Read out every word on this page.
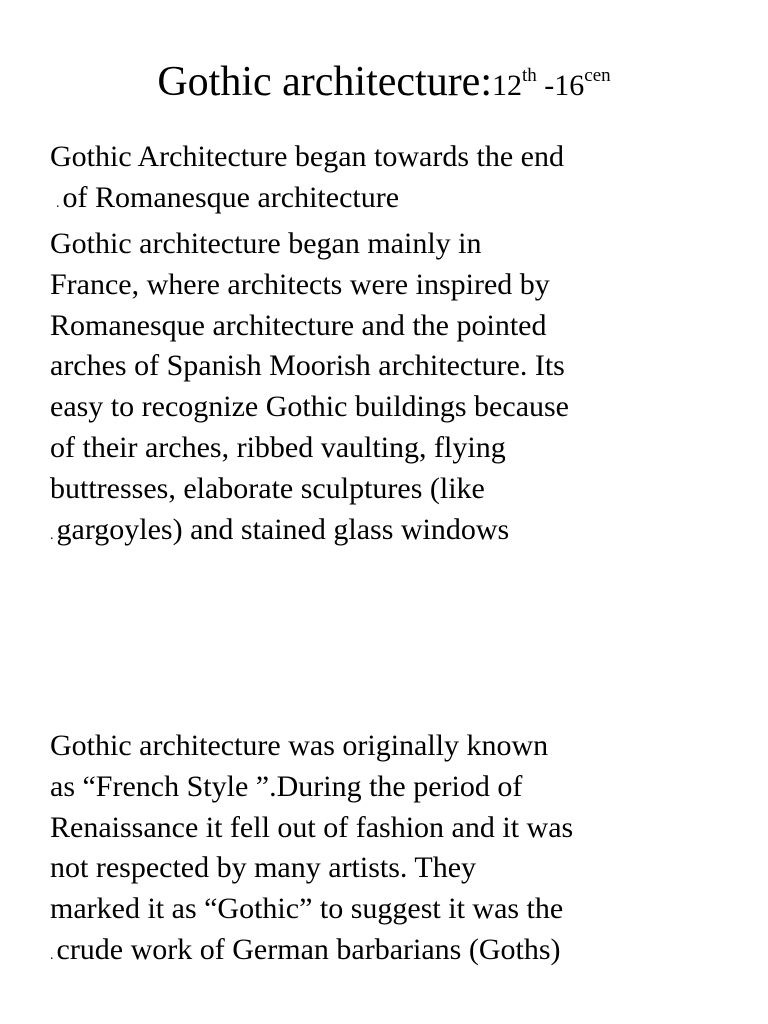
Gothic architecture:12th $-16^{cen}$
Gothic Architecture began towards the end
. of Romanesque architecture
Gothic architecture began mainly in
France, where architects were inspired by
Romanesque architecture and the pointed
arches of Spanish Moorish architecture. Its
easy to recognize Gothic buildings because
of their arches, ribbed vaulting, flying
buttresses, elaborate sculptures (like
. gargoyles) and stained glass windows
Gothic architecture was originally known
as “French Style ”.During the period of
Renaissance it fell out of fashion and it was
not respected by many artists. They
marked it as “Gothic” to suggest it was the
. crude work of German barbarians (Goths)
